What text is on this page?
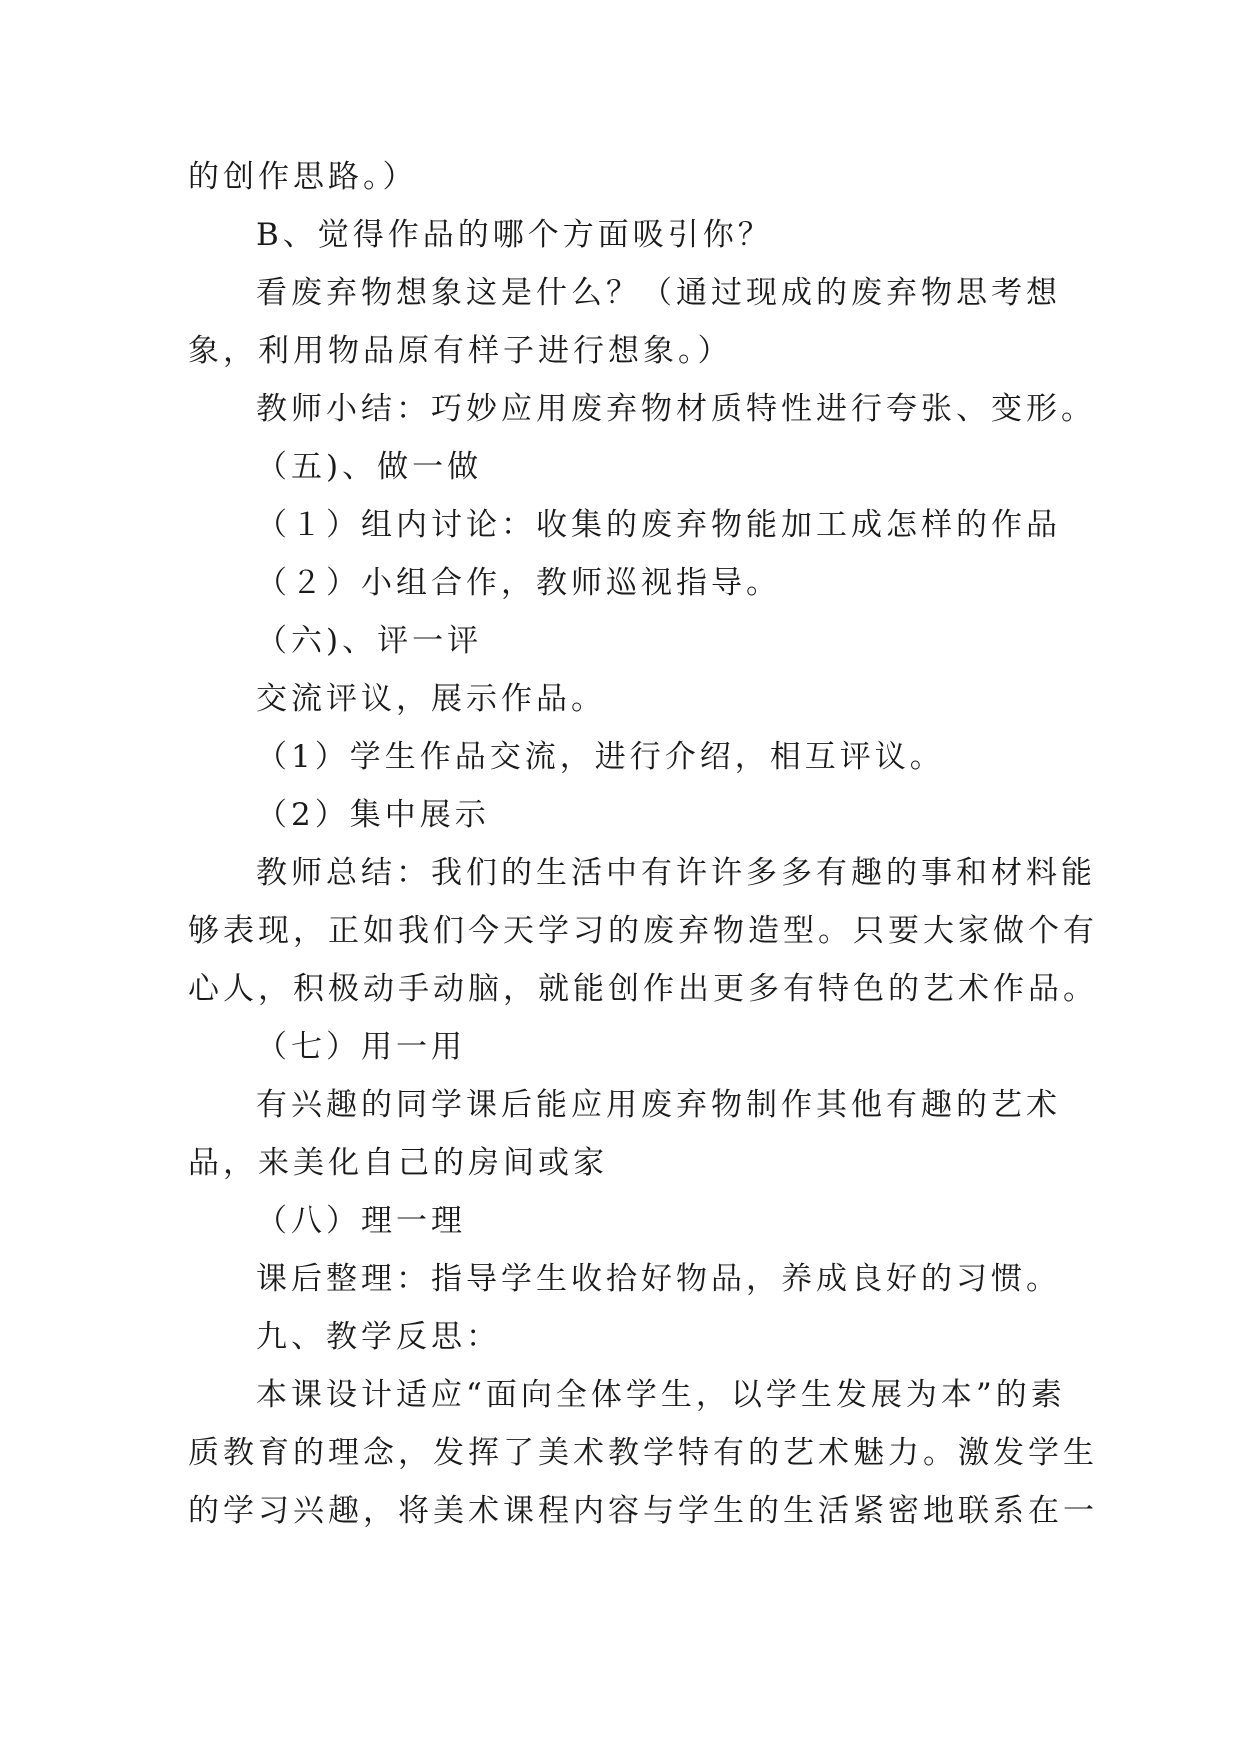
的创作思路。）
B、觉得作品的哪个方面吸引你？
看废弃物想象这是什么？（通过现成的废弃物思考想
象，利用物品原有样子进行想象。）
教师小结：巧妙应用废弃物材质特性进行夸张、变形。
（五)、做一做
（１）组内讨论：收集的废弃物能加工成怎样的作品
（２）小组合作，教师巡视指导。
（六)、评一评
交流评议，展示作品。
（1）学生作品交流，进行介绍，相互评议。
（2）集中展示
教师总结：我们的生活中有许许多多有趣的事和材料能
够表现，正如我们今天学习的废弃物造型。只要大家做个有
心人，积极动手动脑，就能创作出更多有特色的艺术作品。
（七）用一用
有兴趣的同学课后能应用废弃物制作其他有趣的艺术
品，来美化自己的房间或家
（八）理一理
课后整理：指导学生收拾好物品，养成良好的习惯。
九、教学反思：
本课设计适应“面向全体学生，以学生发展为本”的素
质教育的理念，发挥了美术教学特有的艺术魅力。激发学生
的学习兴趣，将美术课程内容与学生的生活紧密地联系在一
